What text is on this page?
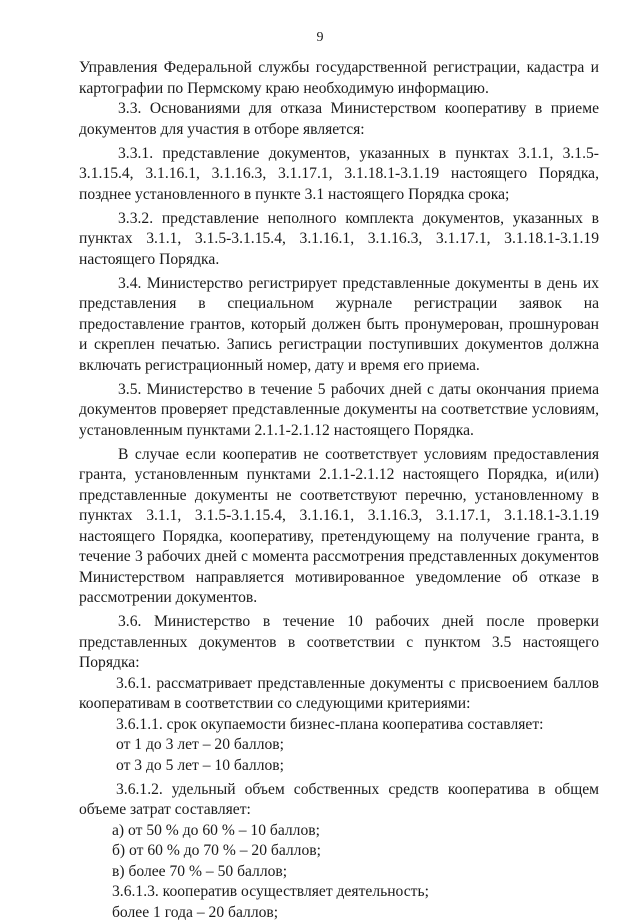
9

Управления Федеральной службы государственной регистрации, кадастра и картографии по Пермскому краю необходимую информацию.

3.3. Основаниями для отказа Министерством кооперативу в приеме документов для участия в отборе является:

3.3.1. представление документов, указанных в пунктах 3.1.1, 3.1.5-3.1.15.4, 3.1.16.1, 3.1.16.3, 3.1.17.1, 3.1.18.1-3.1.19 настоящего Порядка, позднее установленного в пункте 3.1 настоящего Порядка срока;

3.3.2. представление неполного комплекта документов, указанных в пунктах 3.1.1, 3.1.5-3.1.15.4, 3.1.16.1, 3.1.16.3, 3.1.17.1, 3.1.18.1-3.1.19 настоящего Порядка.

3.4. Министерство регистрирует представленные документы в день их представления в специальном журнале регистрации заявок на предоставление грантов, который должен быть пронумерован, прошнурован и скреплен печатью. Запись регистрации поступивших документов должна включать регистрационный номер, дату и время его приема.

3.5. Министерство в течение 5 рабочих дней с даты окончания приема документов проверяет представленные документы на соответствие условиям, установленным пунктами 2.1.1-2.1.12 настоящего Порядка.

В случае если кооператив не соответствует условиям предоставления гранта, установленным пунктами 2.1.1-2.1.12 настоящего Порядка, и(или) представленные документы не соответствуют перечню, установленному в пунктах 3.1.1, 3.1.5-3.1.15.4, 3.1.16.1, 3.1.16.3, 3.1.17.1, 3.1.18.1-3.1.19 настоящего Порядка, кооперативу, претендующему на получение гранта, в течение 3 рабочих дней с момента рассмотрения представленных документов Министерством направляется мотивированное уведомление об отказе в рассмотрении документов.

3.6. Министерство в течение 10 рабочих дней после проверки представленных документов в соответствии с пунктом 3.5 настоящего Порядка:

3.6.1. рассматривает представленные документы с присвоением баллов кооперативам в соответствии со следующими критериями:

3.6.1.1. срок окупаемости бизнес-плана кооператива составляет:

от 1 до 3 лет – 20 баллов;

от 3 до 5 лет – 10 баллов;

3.6.1.2. удельный объем собственных средств кооператива в общем объеме затрат составляет:

а) от 50 % до 60 % – 10 баллов;

б) от 60 % до 70 % – 20 баллов;

в) более 70 % – 50 баллов;

3.6.1.3. кооператив осуществляет деятельность;

более 1 года – 20 баллов;
